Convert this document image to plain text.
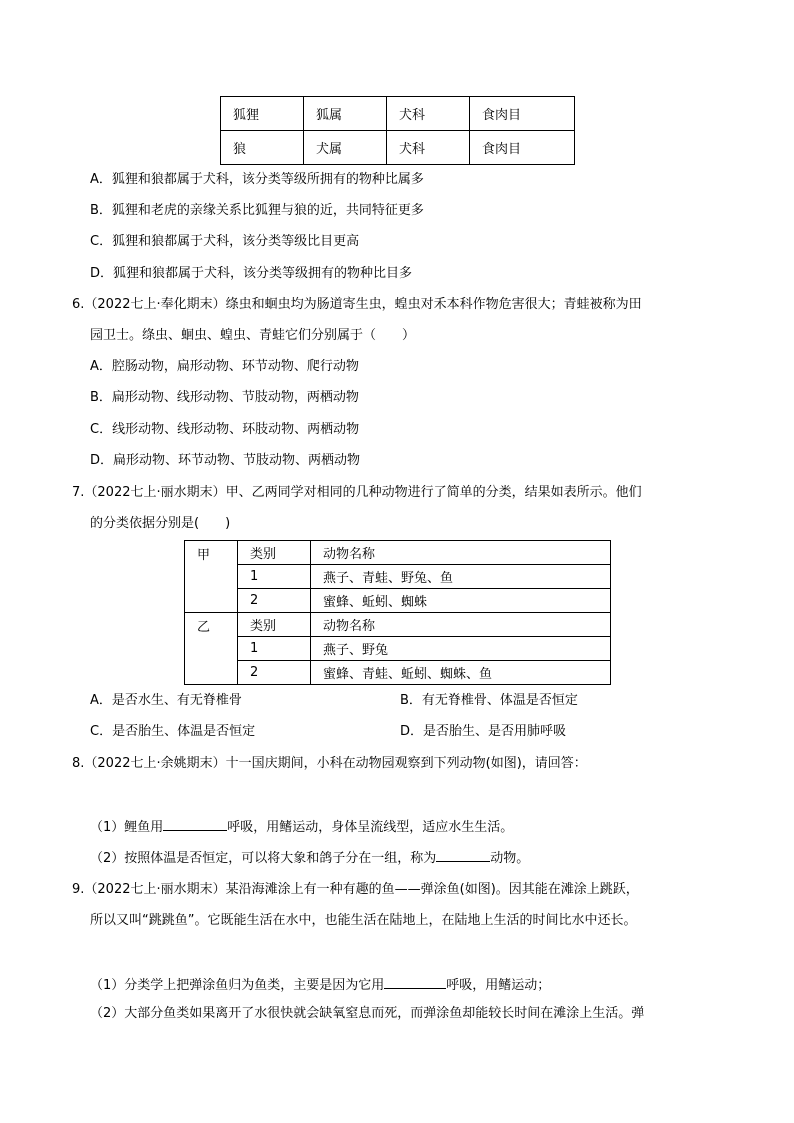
狐狸	狐属	犬科	食肉目
狼	犬属	犬科	食肉目
A．狐狸和狼都属于犬科，该分类等级所拥有的物种比属多
B．狐狸和老虎的亲缘关系比狐狸与狼的近，共同特征更多
C．狐狸和狼都属于犬科，该分类等级比目更高
D．狐狸和狼都属于犬科，该分类等级拥有的物种比目多
6.（2022七上·奉化期末）绦虫和蛔虫均为肠道寄生虫，蝗虫对禾本科作物危害很大；青蛙被称为田
园卫士。绦虫、蛔虫、蝗虫、青蛙它们分别属于（　　）
A．腔肠动物，扁形动物、环节动物、爬行动物
B．扁形动物、线形动物、节肢动物，两栖动物
C．线形动物、线形动物、环肢动物、两栖动物
D．扁形动物、环节动物、节肢动物、两栖动物
7.（2022七上·丽水期末）甲、乙两同学对相同的几种动物进行了简单的分类，结果如表所示。他们
的分类依据分别是(　　)
甲	类别	动物名称
	1	燕子、青蛙、野兔、鱼
	2	蜜蜂、蚯蚓、蜘蛛
乙	类别	动物名称
	1	燕子、野兔
	2	蜜蜂、青蛙、蚯蚓、蜘蛛、鱼
A．是否水生、有无脊椎骨	B．有无脊椎骨、体温是否恒定
C．是否胎生、体温是否恒定	D．是否胎生、是否用肺呼吸
8.（2022七上·余姚期末）十一国庆期间，小科在动物园观察到下列动物(如图)，请回答：
（1）鲤鱼用	呼吸，用鳍运动，身体呈流线型，适应水生生活。
（2）按照体温是否恒定，可以将大象和鸽子分在一组，称为	动物。
9.（2022七上·丽水期末）某沿海滩涂上有一种有趣的鱼——弹涂鱼(如图)。因其能在滩涂上跳跃，
所以又叫“跳跳鱼”。它既能生活在水中，也能生活在陆地上，在陆地上生活的时间比水中还长。
（1）分类学上把弹涂鱼归为鱼类，主要是因为它用	呼吸，用鳍运动；
（2）大部分鱼类如果离开了水很快就会缺氧窒息而死，而弹涂鱼却能较长时间在滩涂上生活。弹
